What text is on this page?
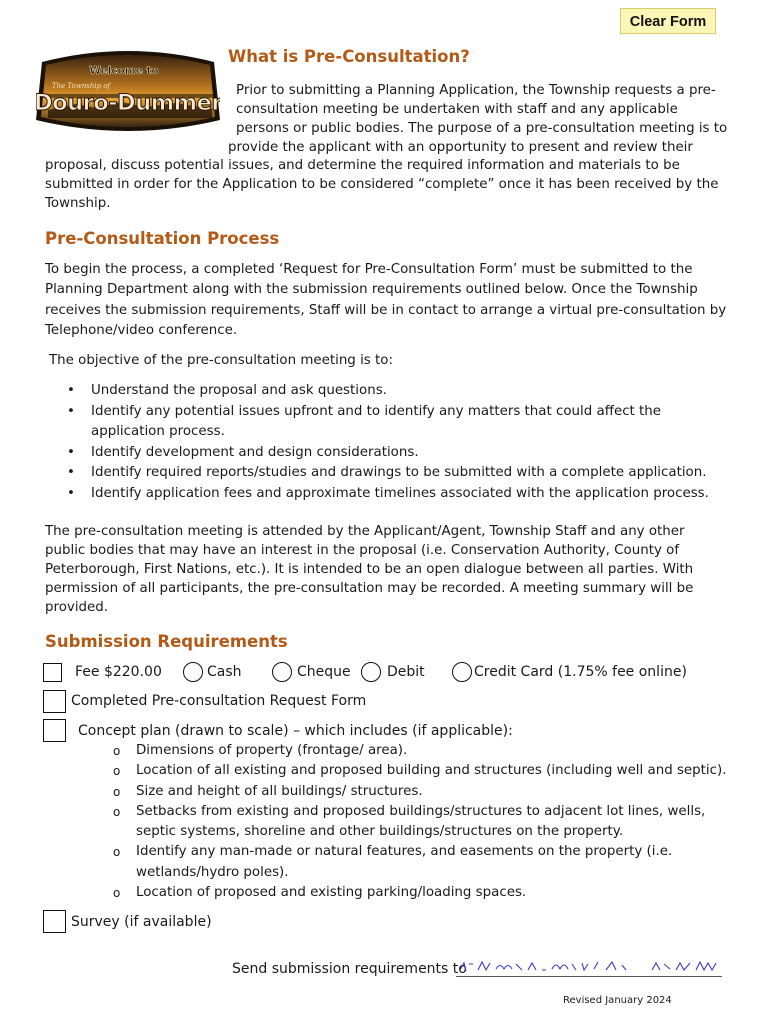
Clear Form
Welcome to
The Township of
Douro-Dummer
What is Pre-Consultation?
Prior to submitting a Planning Application, the Township requests a pre-
consultation meeting be undertaken with staff and any applicable
persons or public bodies. The purpose of a pre-consultation meeting is to
provide the applicant with an opportunity to present and review their
proposal, discuss potential issues, and determine the required information and materials to be
submitted in order for the Application to be considered “complete” once it has been received by the
Township.
Pre-Consultation Process
To begin the process, a completed ‘Request for Pre-Consultation Form’ must be submitted to the
Planning Department along with the submission requirements outlined below. Once the Township
receives the submission requirements, Staff will be in contact to arrange a virtual pre-consultation by
Telephone/video conference.
The objective of the pre-consultation meeting is to:
• Understand the proposal and ask questions.
• Identify any potential issues upfront and to identify any matters that could affect the
application process.
• Identify development and design considerations.
• Identify required reports/studies and drawings to be submitted with a complete application.
• Identify application fees and approximate timelines associated with the application process.
The pre-consultation meeting is attended by the Applicant/Agent, Township Staff and any other
public bodies that may have an interest in the proposal (i.e. Conservation Authority, County of
Peterborough, First Nations, etc.). It is intended to be an open dialogue between all parties. With
permission of all participants, the pre-consultation may be recorded. A meeting summary will be
provided.
Submission Requirements
Fee $220.00	Cash	Cheque	Debit	Credit Card (1.75% fee online)
Completed Pre-consultation Request Form
Concept plan (drawn to scale) – which includes (if applicable):
o Dimensions of property (frontage/ area).
o Location of all existing and proposed building and structures (including well and septic).
o Size and height of all buildings/ structures.
o Setbacks from existing and proposed buildings/structures to adjacent lot lines, wells,
septic systems, shoreline and other buildings/structures on the property.
o Identify any man-made or natural features, and easements on the property (i.e.
wetlands/hydro poles).
o Location of proposed and existing parking/loading spaces.
Survey (if available)
Send submission requirements to
Revised January 2024
